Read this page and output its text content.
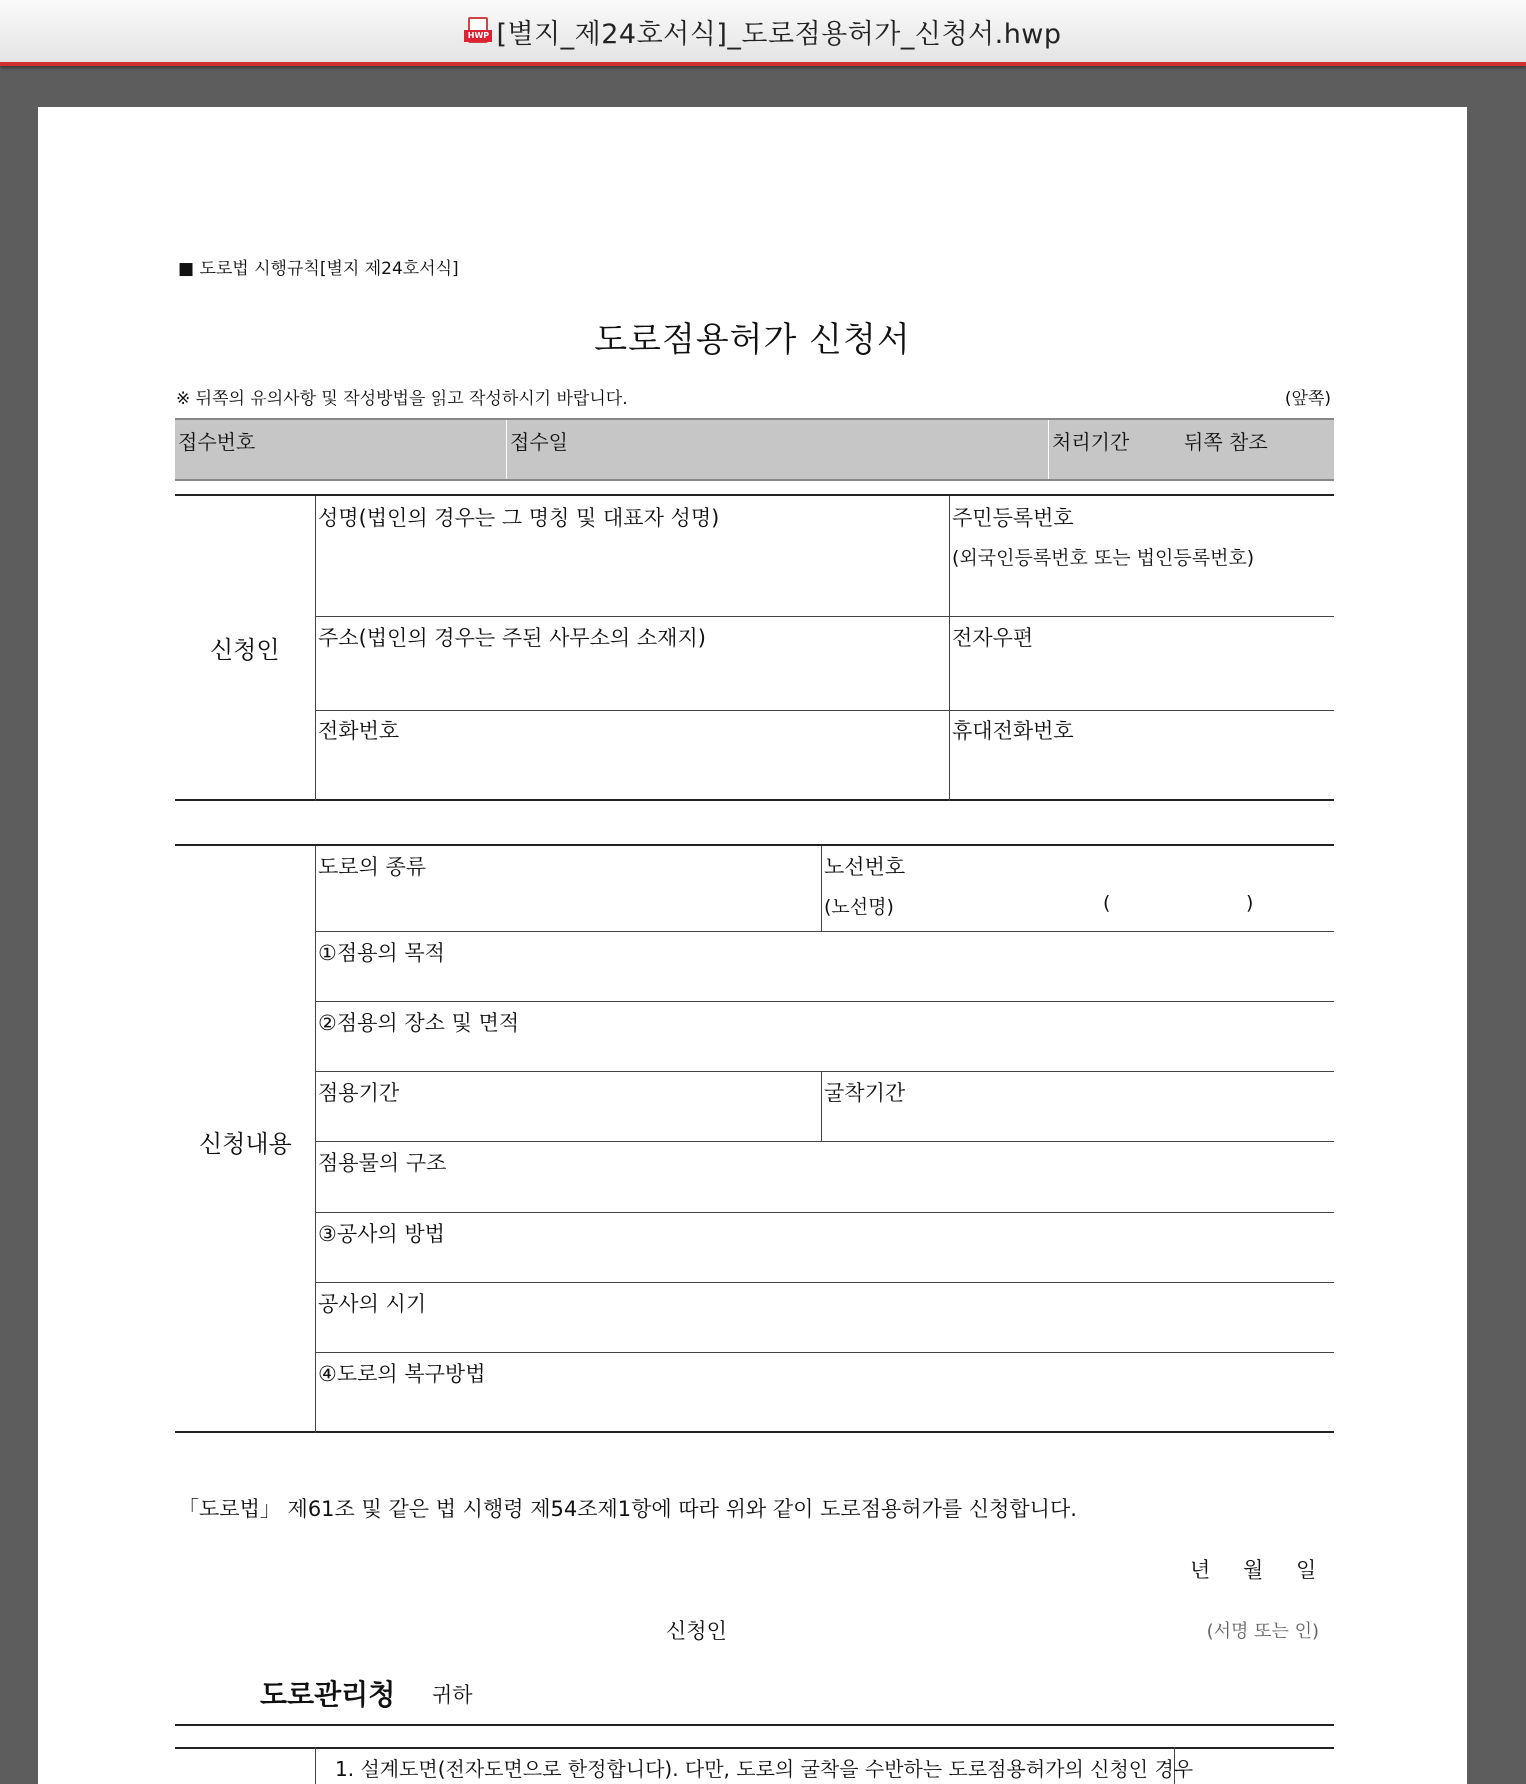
HWP [별지_제24호서식]_도로점용허가_신청서.hwp
■ 도로법 시행규칙[별지 제24호서식]
도로점용허가 신청서
※ 뒤쪽의 유의사항 및 작성방법을 읽고 작성하시기 바랍니다.	(앞쪽)
접수번호	접수일	처리기간	뒤쪽 참조
신청인
성명(법인의 경우는 그 명칭 및 대표자 성명)	주민등록번호
(외국인등록번호 또는 법인등록번호)
주소(법인의 경우는 주된 사무소의 소재지)	전자우편
전화번호	휴대전화번호
신청내용
도로의 종류	노선번호
(노선명)	(	)
①점용의 목적
②점용의 장소 및 면적
점용기간	굴착기간
점용물의 구조
③공사의 방법
공사의 시기
④도로의 복구방법
「도로법」 제61조 및 같은 법 시행령 제54조제1항에 따라 위와 같이 도로점용허가를 신청합니다.
년 월 일
신청인	(서명 또는 인)
도로관리청 귀하
1. 설계도면(전자도면으로 한정합니다). 다만, 도로의 굴착을 수반하는 도로점용허가의 신청인 경우
